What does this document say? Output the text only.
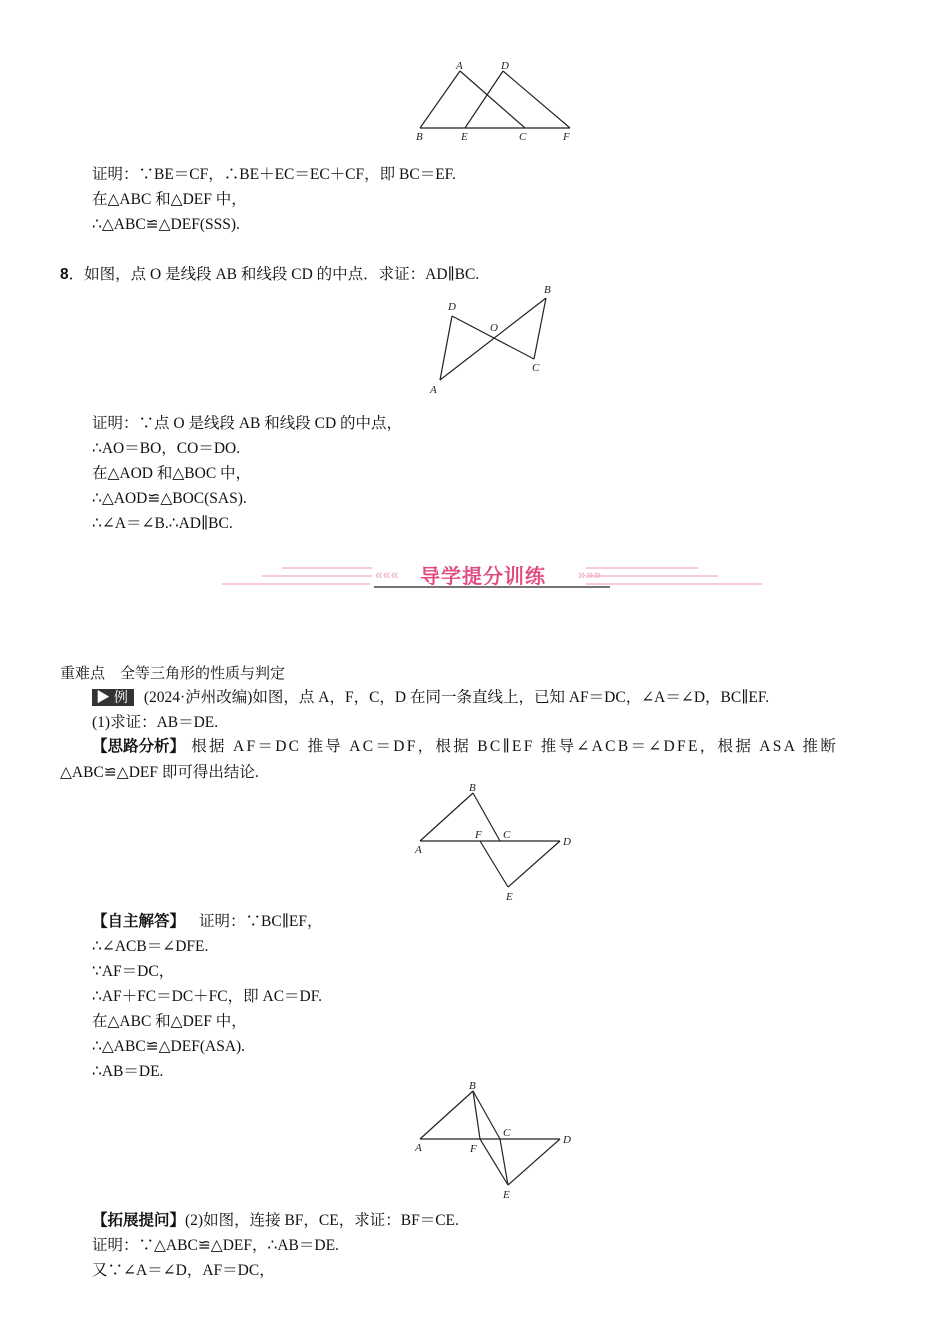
A	D
B	E	C	F
证明：∵BE＝CF，∴BE＋EC＝EC＋CF，即 BC＝EF.
在△ABC 和△DEF 中，
∴△ABC≌△DEF(SSS).
8．如图，点 O 是线段 AB 和线段 CD 的中点．求证：AD∥BC.
D
B
O
C
A
证明：∵点 O 是线段 AB 和线段 CD 的中点，
∴AO＝BO，CO＝DO.
在△AOD 和△BOC 中，
∴△AOD≌△BOC(SAS).
∴∠A＝∠B.∴AD∥BC.
««« 导学提分训练 »»»
重难点　全等三角形的性质与判定
▶ 例 (2024·泸州改编)如图，点 A，F，C，D 在同一条直线上，已知 AF＝DC，∠A＝∠D，BC∥EF.
(1)求证：AB＝DE.
【思路分析】 根据 AF＝DC 推导 AC＝DF，根据 BC∥EF 推导∠ACB＝∠DFE，根据 ASA 推断
△ABC≌△DEF 即可得出结论.
B
F C
A
D
E
【自主解答】 证明：∵BC∥EF，
∴∠ACB＝∠DFE.
∵AF＝DC，
∴AF＋FC＝DC＋FC，即 AC＝DF.
在△ABC 和△DEF 中，
∴△ABC≌△DEF(ASA).
∴AB＝DE.
B
C
A	F
D
E
【拓展提问】(2)如图，连接 BF，CE，求证：BF＝CE.
证明：∵△ABC≌△DEF，∴AB＝DE.
又∵∠A＝∠D，AF＝DC，
